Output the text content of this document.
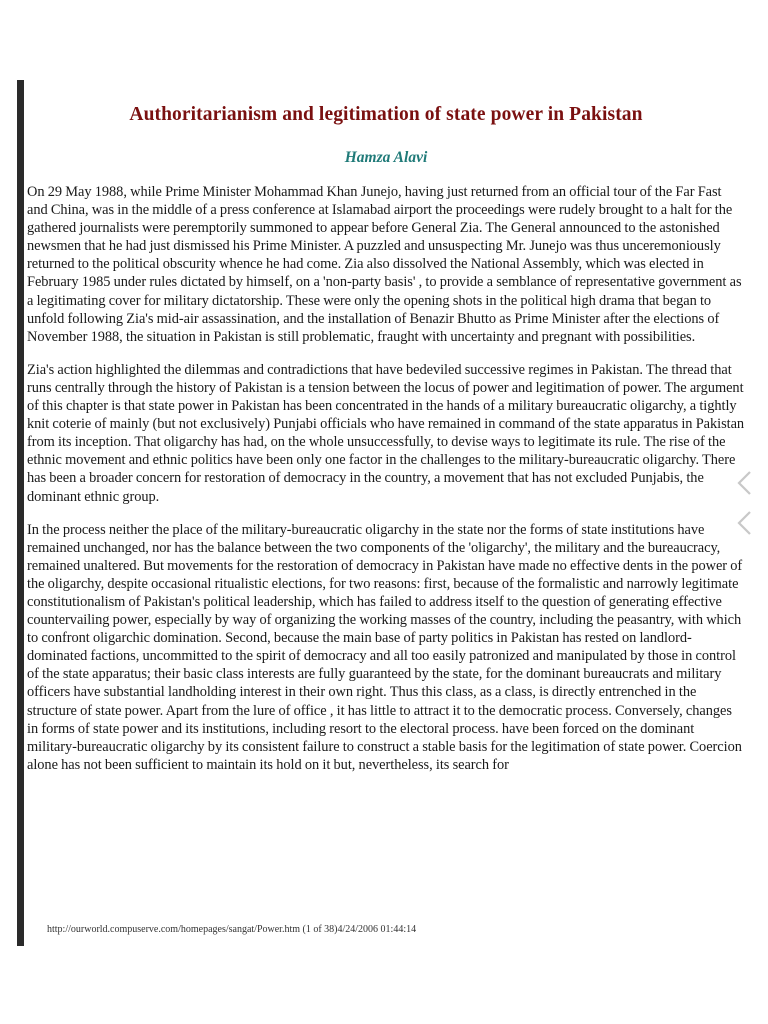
Authoritarianism and legitimation of state power in Pakistan
Hamza Alavi

On 29 May 1988, while Prime Minister Mohammad Khan Junejo, having just returned from an official tour of the Far Fast and China, was in the middle of a press conference at Islamabad airport the proceedings were rudely brought to a halt for the gathered journalists were peremptorily summoned to appear before General Zia. The General announced to the astonished newsmen that he had just dismissed his Prime Minister. A puzzled and unsuspecting Mr. Junejo was thus unceremoniously returned to the political obscurity whence he had come. Zia also dissolved the National Assembly, which was elected in February 1985 under rules dictated by himself, on a 'non-party basis' , to provide a semblance of representative government as a legitimating cover for military dictatorship. These were only the opening shots in the political high drama that began to unfold following Zia's mid-air assassination, and the installation of Benazir Bhutto as Prime Minister after the elections of November 1988, the situation in Pakistan is still problematic, fraught with uncertainty and pregnant with possibilities.

Zia's action highlighted the dilemmas and contradictions that have bedeviled successive regimes in Pakistan. The thread that runs centrally through the history of Pakistan is a tension between the locus of power and legitimation of power. The argument of this chapter is that state power in Pakistan has been concentrated in the hands of a military bureaucratic oligarchy, a tightly knit coterie of mainly (but not exclusively) Punjabi officials who have remained in command of the state apparatus in Pakistan from its inception. That oligarchy has had, on the whole unsuccessfully, to devise ways to legitimate its rule. The rise of the ethnic movement and ethnic politics have been only one factor in the challenges to the military-bureaucratic oligarchy. There has been a broader concern for restoration of democracy in the country, a movement that has not excluded Punjabis, the dominant ethnic group.

In the process neither the place of the military-bureaucratic oligarchy in the state nor the forms of state institutions have remained unchanged, nor has the balance between the two components of the 'oligarchy', the military and the bureaucracy, remained unaltered. But movements for the restoration of democracy in Pakistan have made no effective dents in the power of the oligarchy, despite occasional ritualistic elections, for two reasons: first, because of the formalistic and narrowly legitimate constitutionalism of Pakistan's political leadership, which has failed to address itself to the question of generating effective countervailing power, especially by way of organizing the working masses of the country, including the peasantry, with which to confront oligarchic domination. Second, because the main base of party politics in Pakistan has rested on landlord-dominated factions, uncommitted to the spirit of democracy and all too easily patronized and manipulated by those in control of the state apparatus; their basic class interests are fully guaranteed by the state, for the dominant bureaucrats and military officers have substantial landholding interest in their own right. Thus this class, as a class, is directly entrenched in the structure of state power. Apart from the lure of office , it has little to attract it to the democratic process. Conversely, changes in forms of state power and its institutions, including resort to the electoral process. have been forced on the dominant military-bureaucratic oligarchy by its consistent failure to construct a stable basis for the legitimation of state power. Coercion alone has not been sufficient to maintain its hold on it but, nevertheless, its search for

http://ourworld.compuserve.com/homepages/sangat/Power.htm (1 of 38)4/24/2006 01:44:14
